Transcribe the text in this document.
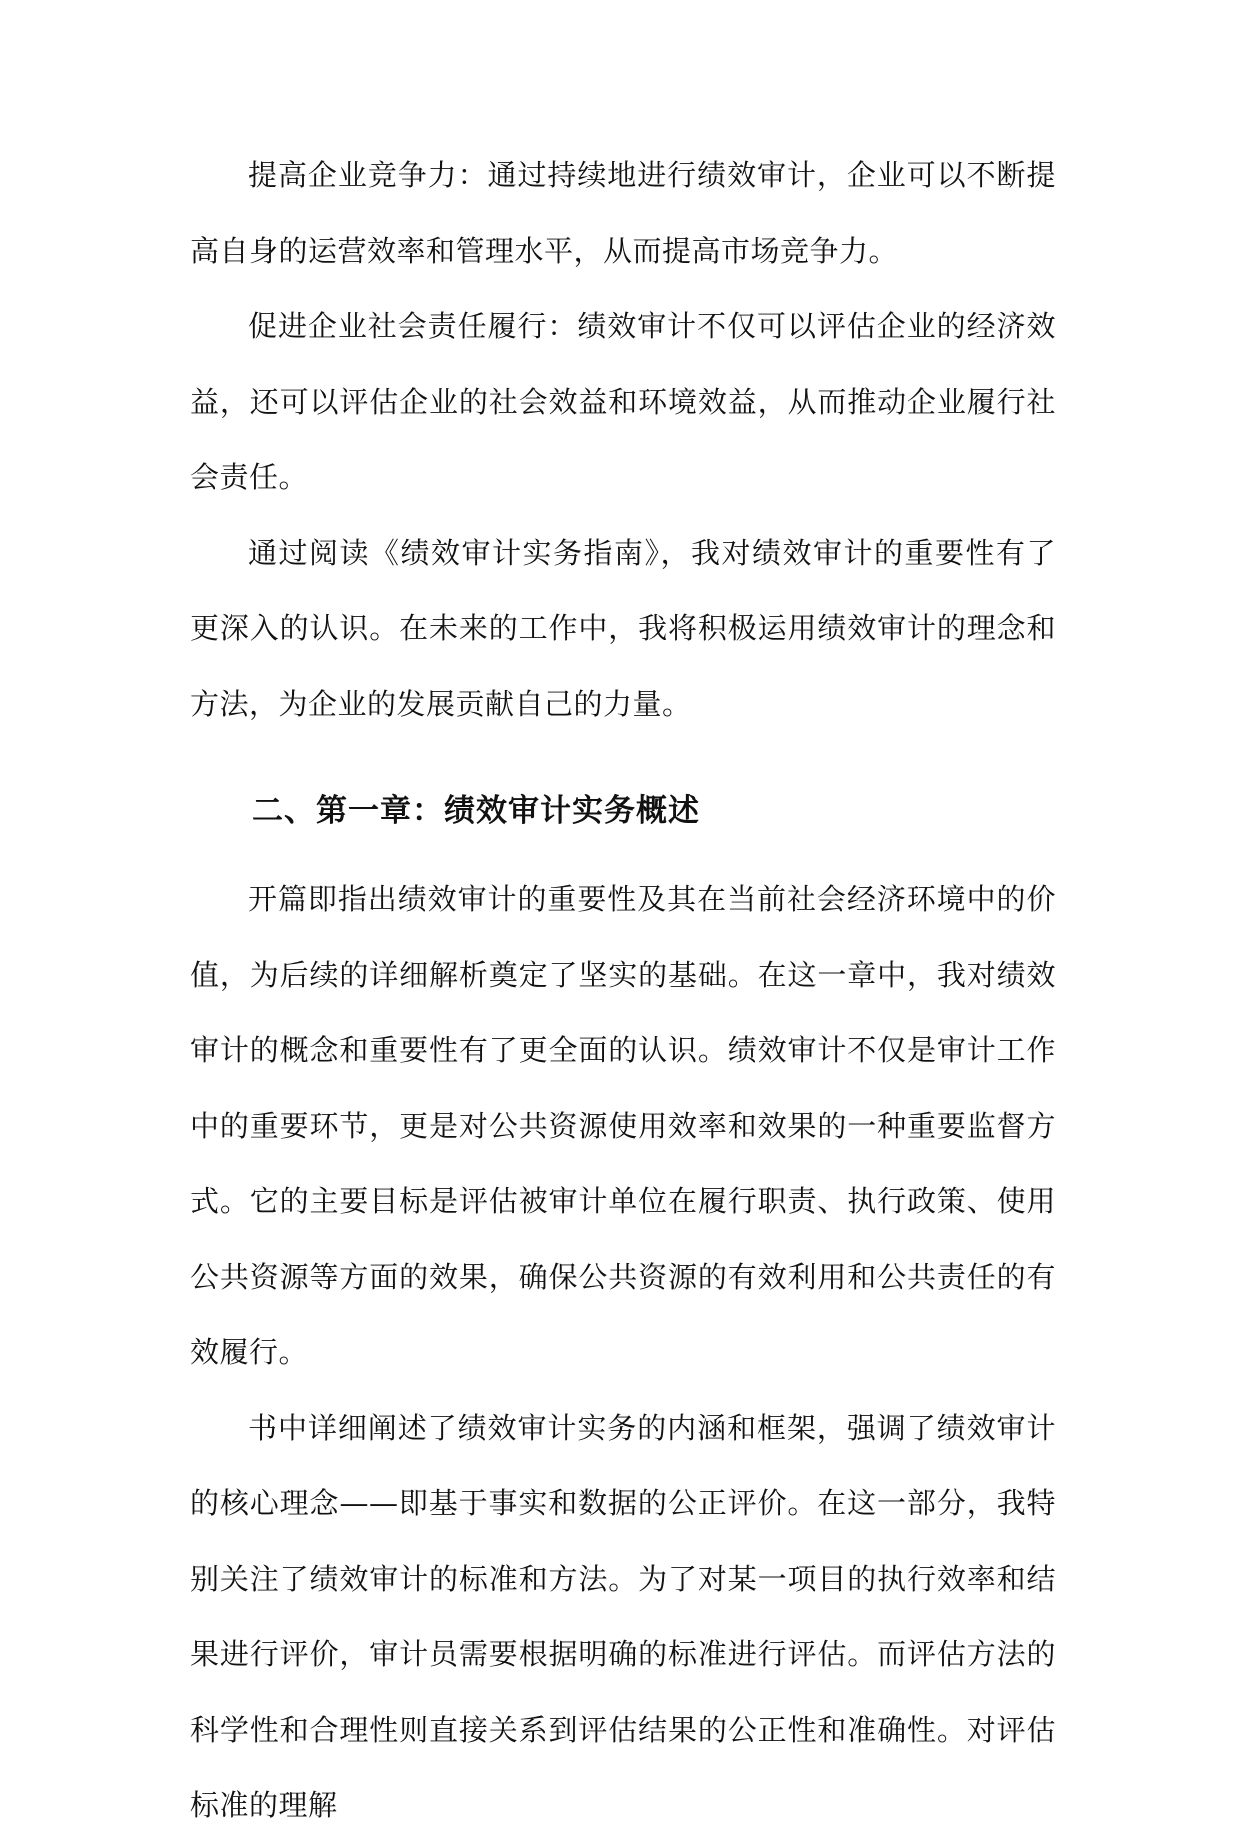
提高企业竞争力：通过持续地进行绩效审计，企业可以不断提高自身的运营效率和管理水平，从而提高市场竞争力。

促进企业社会责任履行：绩效审计不仅可以评估企业的经济效益，还可以评估企业的社会效益和环境效益，从而推动企业履行社会责任。

通过阅读《绩效审计实务指南》，我对绩效审计的重要性有了更深入的认识。在未来的工作中，我将积极运用绩效审计的理念和方法，为企业的发展贡献自己的力量。

二、第一章：绩效审计实务概述

开篇即指出绩效审计的重要性及其在当前社会经济环境中的价值，为后续的详细解析奠定了坚实的基础。在这一章中，我对绩效审计的概念和重要性有了更全面的认识。绩效审计不仅是审计工作中的重要环节，更是对公共资源使用效率和效果的一种重要监督方式。它的主要目标是评估被审计单位在履行职责、执行政策、使用公共资源等方面的效果，确保公共资源的有效利用和公共责任的有效履行。

书中详细阐述了绩效审计实务的内涵和框架，强调了绩效审计的核心理念——即基于事实和数据的公正评价。在这一部分，我特别关注了绩效审计的标准和方法。为了对某一项目的执行效率和结果进行评价，审计员需要根据明确的标准进行评估。而评估方法的科学性和合理性则直接关系到评估结果的公正性和准确性。对评估标准的理解
